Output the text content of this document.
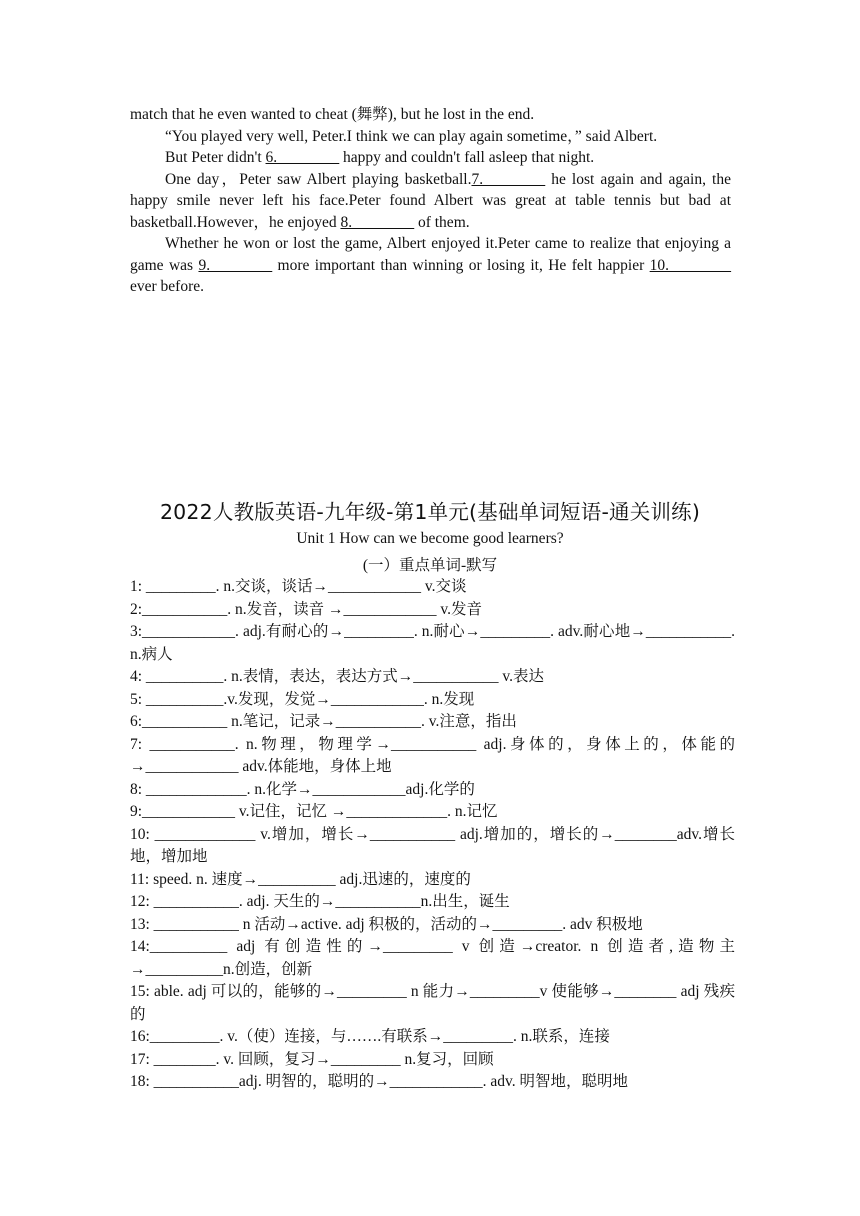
match that he even wanted to cheat (舞弊), but he lost in the end.

“You played very well, Peter.I think we can play again sometime，” said Albert.

But Peter didn't 6.________ happy and couldn't fall asleep that night.

One day，Peter saw Albert playing basketball.7.________ he lost again and again, the happy smile never left his face.Peter found Albert was great at table tennis but bad at basketball.However，he enjoyed 8.________ of them.

Whether he won or lost the game, Albert enjoyed it.Peter came to realize that enjoying a game was 9.________ more important than winning or losing it, He felt happier 10.________ ever before.

2022人教版英语-九年级-第1单元(基础单词短语-通关训练)
Unit 1 How can we become good learners?
(一）重点单词-默写

1: _________. n.交谈，谈话→____________ v.交谈

2:___________. n.发音，读音 →____________ v.发音

3:____________. adj.有耐心的→_________. n.耐心→_________. adv.耐心地→___________. n.病人

4: __________. n.表情，表达，表达方式→___________ v.表达

5: __________.v.发现，发觉→____________. n.发现

6:___________ n.笔记，记录→___________. v.注意，指出

7: ___________. n.物理，物理学→___________ adj.身体的，身体上的，体能的→____________ adv.体能地，身体上地

8: _____________. n.化学→____________adj.化学的

9:____________ v.记住，记忆 →_____________. n.记忆

10: _____________ v.增加，增长→___________ adj.增加的，增长的→________adv.增长地，增加地

11: speed. n. 速度→__________ adj.迅速的，速度的

12: ___________. adj. 天生的→___________n.出生，诞生

13: ___________ n 活动→active. adj 积极的，活动的→_________. adv 积极地

14:__________ adj 有创造性的→_________ v 创造→creator. n 创造者,造物主→__________n.创造，创新

15: able. adj 可以的，能够的→_________ n 能力→_________v 使能够→________ adj 残疾的

16:_________. v.（使）连接，与…….有联系→_________. n.联系，连接

17: ________. v. 回顾，复习→_________ n.复习，回顾

18: ___________adj. 明智的，聪明的→____________. adv. 明智地，聪明地
